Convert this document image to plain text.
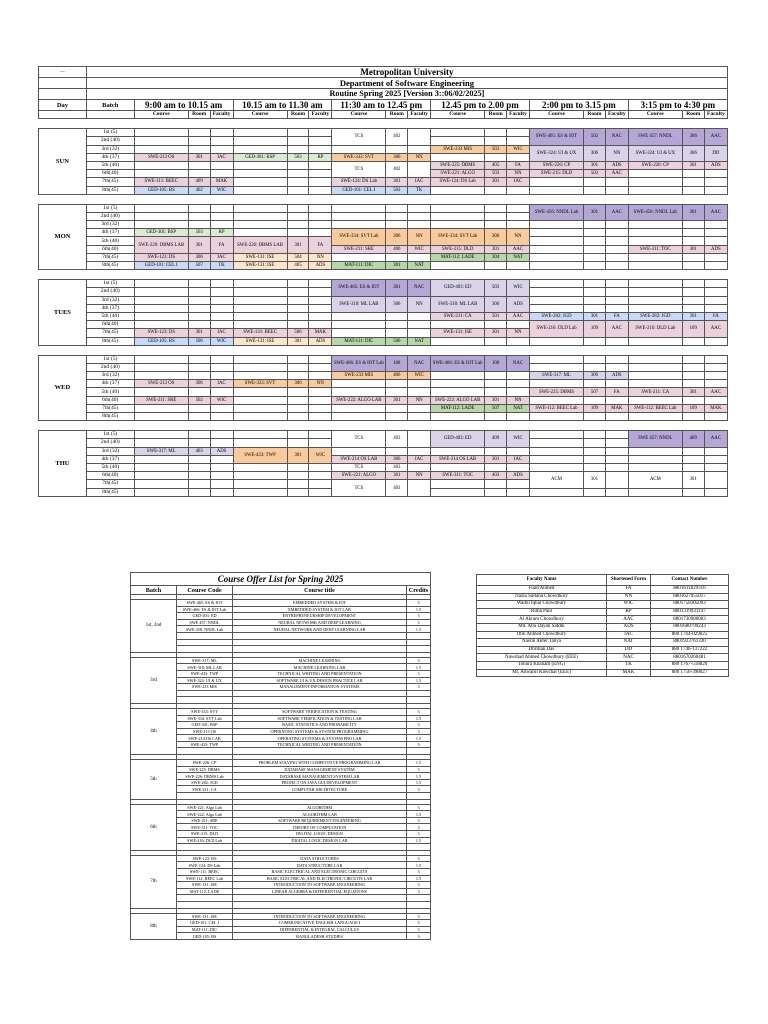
—	Metropolitan University																		
	Department of Software Engineering																		
	Routine Spring 2025 [Version 3::06/02/2025]																		
Day	Batch	9:00 am to 10.15 am			10.15 am to 11.30 am			11:30 am to 12.45 pm			12.45 pm to 2.00 pm			2:00 pm to 3.15 pm			3:15 pm to 4:30 pm		
		Course	Room	Faculty	Course	Room	Faculty	Course	Room	Faculty	Course	Room	Faculty	Course	Room	Faculty	Course	Room	Faculty

SUN	1st (5)							TCS	402					SWE-465: ES & IOT	502	NAC	SWE 457: NNDL	306	AAC
	2nd (40)																		
	3rd (32)										SWE-233 MIS	503	WIC	SWE-324: UI & UX	306	NN	SWE-324: UI & UX	306	DD
	4th (37)	SWE-213 OS	301	IAC	GED-301: BSP	503	RP	SWE-333: SVT	306	NN									
	5th (40)							TCS	402		SWE-225: DBMS	405	FA	SWE-226: CP	301	ADS	SWE-226: CP	301	ADS
	6th(40)										SWE-221: ALGO	503	NN	SWE-215: DLD	503	AAC			
	7th(45)	SWE-111: BEEC	409	MAK				SWE-124: DS Lab	301	IAC	SWE-124: DS Lab	301	IAC						
	8th(45)	GED-105: BS	402	WIC				GED-101: CEL I	503	TK									

MON	1st (5)													SWE-456: NNDL Lab	301	AAC	SWE-458: NNDL Lab	301	AAC
	2nd (40)																		
	3rd (32)																		
	4th (37)	GED-301: BSP	503	RP				SWE-334: SVT Lab	306	NN	SWE-334: SVT Lab	306	NN						
	5th (40)	SWE-226: DBMS LAB	301	FA	SWE-226: DBMS LAB	301	FA												
	6th(40)							SWE-211: SRE	406	WIC	SWE-215: DLD	301	AAC				SWE-311: TOC	301	ADS
	7th(45)	SWE-123: DS	306	IAC	SWE-131: ISE	504	NN				MAT-112: LADE	304	NAT						
	8th(45)	GED-101: CEL I	507	TK	SWE-131: ISE	405	ADS	MAT-111: DIC	301	NAT									

TUES	1st (5)							SWE-465: ES & IOT	301	NAC	GED-403: ED	503	WIC						
	2nd (40)																		
	3rd (32)							SWE-318: ML LAB	306	NN	SWE-318: ML LAB	306	ADS						
	4th (37)																		
	5th (40)										SWE-211: CA	501	AAC	SWE-282: JGD	301	FA	SWE-282: JGD	301	FA
	6th(40)													SWE-216: DLD Lab	109	AAC	SWE-216: DLD Lab	109	AAC
	7th(45)	SWE-123: DS	301	IAC	SWE-131: BEEC	506	MAK				SWE-131: ISE	301	NN						
	8th(45)	GED-105: BS	506	WIC	SWE-131: ISE	301	ADS	MAT-111: DIC	506	NAT									

WED	1st (5)							SWE-466: ES & IOT Lab	108	NAC	SWE-466: ES & IOT Lab	108	NAC						
	2nd (40)																		
	3rd (32)							SWE-233 MIS	406	WIC				SWE-317: ML	306	ADS			
	4th (37)	SWE-213 OS	306	IAC	SWE-333: SVT	306	NN												
	5th (40)													SWE-225: DBMS	507	FA	SWE-211: CA	301	AAC
	6th(40)	SWE-211: SRE	502	WIC				SWE-222: ALGO LAB	301	NN	SWE-222: ALGO LAB	301	NN						
	7th(45)										MAT-112: LADE	507	NAT	SWE-112: BEEC Lab	109	MAK	SWE-112: BEEC Lab	109	MAK
	8th(45)																		

THU	1st (5)							TCS	403		GED-403: ED	409	WIC				SWE 457: NNDL	409	AAC
	2nd (40)																		
	3rd (32)	SWE-317: ML	403	ADS	SWE-433: TWP	301	WIC												
	4th (37)							SWE-214 OS LAB	306	IAC	SWE-214 OS LAB	301	IAC						
	5th (40)							TCS	403										
	6th(40)							SWE-221: ALGO	301	NN	SWE-311: TOC	403	ADS	ACM	301		ACM	301	
	7th(45)							TCS	403										
	8th(45)																		
Course Offer List for Spring 2025			
Batch	Course Code	Course title	Credits

1st, 2nd	SWE-465: ES & IOT	EMBEDDED SYSTEM & IOT	3
	SWE-466: ES & IOT Lab	EMBEDDED SYSTEM & IOT LAB	1.5
	GED-403: ED	ENTREPRENEURSHIP DEVELOPMENT	3
	SWE 457: NNDL	NEURAL NETWORK AND DEEP LEARNING	3
	SWE 458: NNDL Lab	NEURAL NETWORK AND DEEP LEARNING LAB	1.5

3rd	SWE-317: ML	MACHINE LEARNING	3
	SWE-318: ML LAB	MACHINE LEARNING LAB	1.5
	SWE-433: TWP	TECHNICAL WRITING AND PRESENTATION	3
	SWE-324: UI & UX	SOFTWARE UI & UX DESIGN PRACTICE LAB	1.5
	SWE-233 MIS	MANAGEMENT INFORMATION SYSTEMS	3

4th	SWE-333: SVT	SOFTWARE VERIFICATION & TESTING	3
	SWE-334: SVT Lab	SOFTWARE VERIFICATION & TESTING LAB	1.5
	GED-301: BSP	BASIC STATISTICS AND PROBABILITY	3
	SWE-213 OS	OPERATING SYSTEMS & SYSTEM PROGRAMMING	3
	SWE-214 OS LAB	OPERATING SYSTEMS & SYSTEM PRO LAB	1.5
	SWE-433: TWP	TECHNICAL WRITING AND PRESENTATION	3

5th	SWE-226: CP	PROBLEM SOLVING WITH COMPETITIVE PROGRAMMING LAB	1.5
	SWE-225: DBMS	DATABASE MANAGEMENT SYSTEM	3
	SWE-226: DBMS Lab	DATABASE MANAGEMENT SYSTEM LAB	1.5
	SWE-282: JGD	PROJECT ON JAVA GUI DEVELOPMENT	1.5
	SWE-211: CA	COMPUTER ARCHITECTURE	3

6th	SWE-221: Algo Lab	ALGORITHM	3
	SWE-222: Algo Lab	ALGORITHM LAB	1.5
	SWE-211: SRE	SOFTWARE REQUIREMENT ENGINEERING	3
	SWE-311: TOC	THEORY OF COMPUTATION	3
	SWE-215: DLD	DIGITAL LOGIC DESIGN	3
	SWE-216: DLD Lab	DIGITAL LOGIC DESIGN LAB	1.5

7th	SWE-123: DS	DATA STRUCTURES	3
	SWE-124: DS Lab	DATA STRUCTURE LAB	1.5
	SWE-111: BEEC	BASIC ELECTRICAL AND ELECTRONIC CIRCUITS	3
	SWE-112: BEEC Lab	BASIC ELECTRICAL AND ELECTRONIC CIRCUITS LAB	1.5
	SWE-131: ISE	INTRODUCTION TO SOFTWARE ENGINEERING	3
	MAT-112: LADE	LINEAR ALGEBRA & DIFFERENTIAL EQUATIONS	3

8th	SWE-131: ISE	INTRODUCTION TO SOFTWARE ENGINEERING	3
	GED-101: CEL I	COMMUNICATIVE ENGLISH LANGUAGE I	3
	MAT-111: DIC	DIFFERENTIAL & INTEGRAL CALCULUS	3
	GED-105: BS	BANGLADESH STUDIES	3
Faculty Name	Shortened Form	Contact Number
Fuad Ahmed	FA	8801611829316
Nazia Sultana Chowdhury	NN	8801627055017
Wadiu Iqbal Chowdhury	WIC	8801758305093
Rima Paul	RP	8801319931147
Al Akram Chowdhury	AAC	8801730980003
Md. Abu Dayan Siddik	ADS	8801680799243
Iftin Ahmed Chowdhury	IAC	880 1764-029025
Nasrin Akter Tanya	NAT	8801923761330
Dhritian Das	DD	880 1746-137222
Nawshad Ahmed Chowdhury (EEE)	NAC	8801670260481
Tohura Khanam (ENG)	TK	880 1767-518820
Mr. Anwarul Kawchar (EEE)	MAK	880 1756-398027
